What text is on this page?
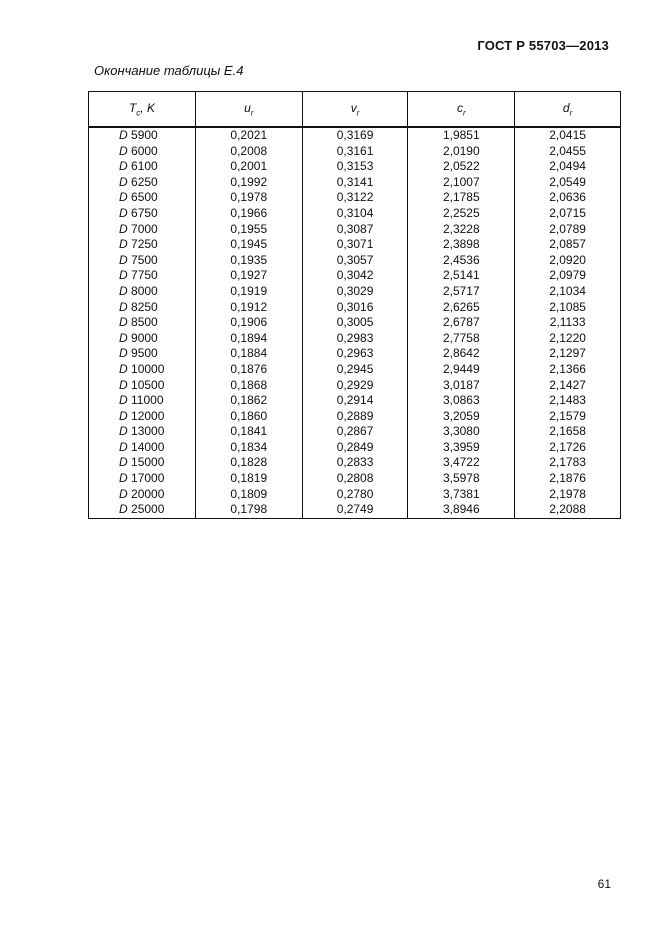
ГОСТ Р 55703—2013
Окончание таблицы Е.4
$T_c$, K	$u_r$	$v_r$	$c_r$	$d_r$
D 5900	0,2021	0,3169	1,9851	2,0415
D 6000	0,2008	0,3161	2,0190	2,0455
D 6100	0,2001	0,3153	2,0522	2,0494
D 6250	0,1992	0,3141	2,1007	2,0549
D 6500	0,1978	0,3122	2,1785	2,0636
D 6750	0,1966	0,3104	2,2525	2,0715
D 7000	0,1955	0,3087	2,3228	2,0789
D 7250	0,1945	0,3071	2,3898	2,0857
D 7500	0,1935	0,3057	2,4536	2,0920
D 7750	0,1927	0,3042	2,5141	2,0979
D 8000	0,1919	0,3029	2,5717	2,1034
D 8250	0,1912	0,3016	2,6265	2,1085
D 8500	0,1906	0,3005	2,6787	2,1133
D 9000	0,1894	0,2983	2,7758	2,1220
D 9500	0,1884	0,2963	2,8642	2,1297
D 10000	0,1876	0,2945	2,9449	2,1366
D 10500	0,1868	0,2929	3,0187	2,1427
D 11000	0,1862	0,2914	3,0863	2,1483
D 12000	0,1860	0,2889	3,2059	2,1579
D 13000	0,1841	0,2867	3,3080	2,1658
D 14000	0,1834	0,2849	3,3959	2,1726
D 15000	0,1828	0,2833	3,4722	2,1783
D 17000	0,1819	0,2808	3,5978	2,1876
D 20000	0,1809	0,2780	3,7381	2,1978
D 25000	0,1798	0,2749	3,8946	2,2088
61
